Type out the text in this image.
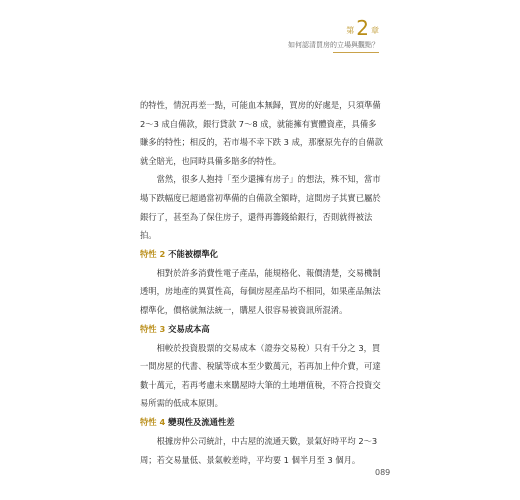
第 2 章
如何認清買房的立場與觀點？

的特性，情況再差一點，可能血本無歸，買房的好處是，只須準備 2～3 成自備款，銀行貸款 7～8 成，就能擁有實體資產，具備多賺多的特性；相反的，若市場不幸下跌 3 成，那麼原先存的自備款就全賠光，也同時具備多賠多的特性。

當然，很多人抱持「至少還擁有房子」的想法，殊不知，當市場下跌幅度已超過當初準備的自備款全額時，這間房子其實已屬於銀行了，甚至為了保住房子，還得再籌錢給銀行，否則就得被法拍。

特性 2 不能被標準化

相對於許多消費性電子產品，能規格化、報價清楚，交易機制透明，房地產的異質性高，每個房屋產品均不相同，如果產品無法標準化，價格就無法統一，購屋人很容易被資訊所混淆。

特性 3 交易成本高

相較於投資股票的交易成本（證券交易稅）只有千分之 3，買一間房屋的代書、稅賦等成本至少數萬元，若再加上仲介費，可達數十萬元，若再考慮未來購屋時大筆的土地增值稅，不符合投資交易所需的低成本原則。

特性 4 變現性及流通性差

根據房仲公司統計，中古屋的流通天數，景氣好時平均 2～3 周；若交易量低、景氣較差時，平均要 1 個半月至 3 個月。

089
